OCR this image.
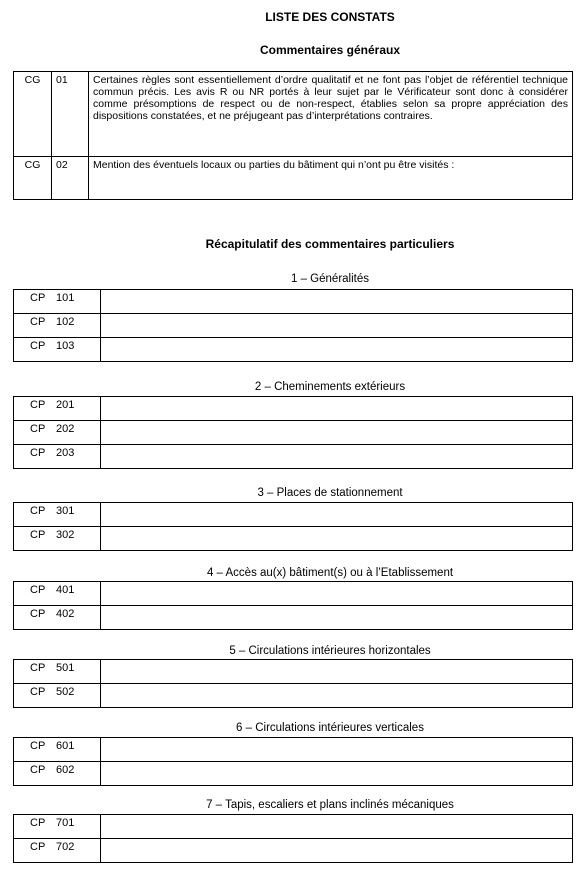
LISTE DES CONSTATS
Commentaires généraux
CG	01	Certaines règles sont essentiellement d’ordre qualitatif et ne font pas l’objet de référentiel technique commun précis. Les avis R ou NR portés à leur sujet par le Vérificateur sont donc à considérer comme présomptions de respect ou de non-respect, établies selon sa propre appréciation des dispositions constatées, et ne préjugeant pas d’interprétations contraires.
CG	02	Mention des éventuels locaux ou parties du bâtiment qui n’ont pu être visités :
Récapitulatif des commentaires particuliers
1 – Généralités
CP 101	
CP 102	
CP 103	
2 – Cheminements extérieurs
CP 201	
CP 202	
CP 203	
3 – Places de stationnement
CP 301	
CP 302	
4 – Accès au(x) bâtiment(s) ou à l’Etablissement
CP 401	
CP 402	
5 – Circulations intérieures horizontales
CP 501	
CP 502	
6 – Circulations intérieures verticales
CP 601	
CP 602	
7 – Tapis, escaliers et plans inclinés mécaniques
CP 701	
CP 702	
